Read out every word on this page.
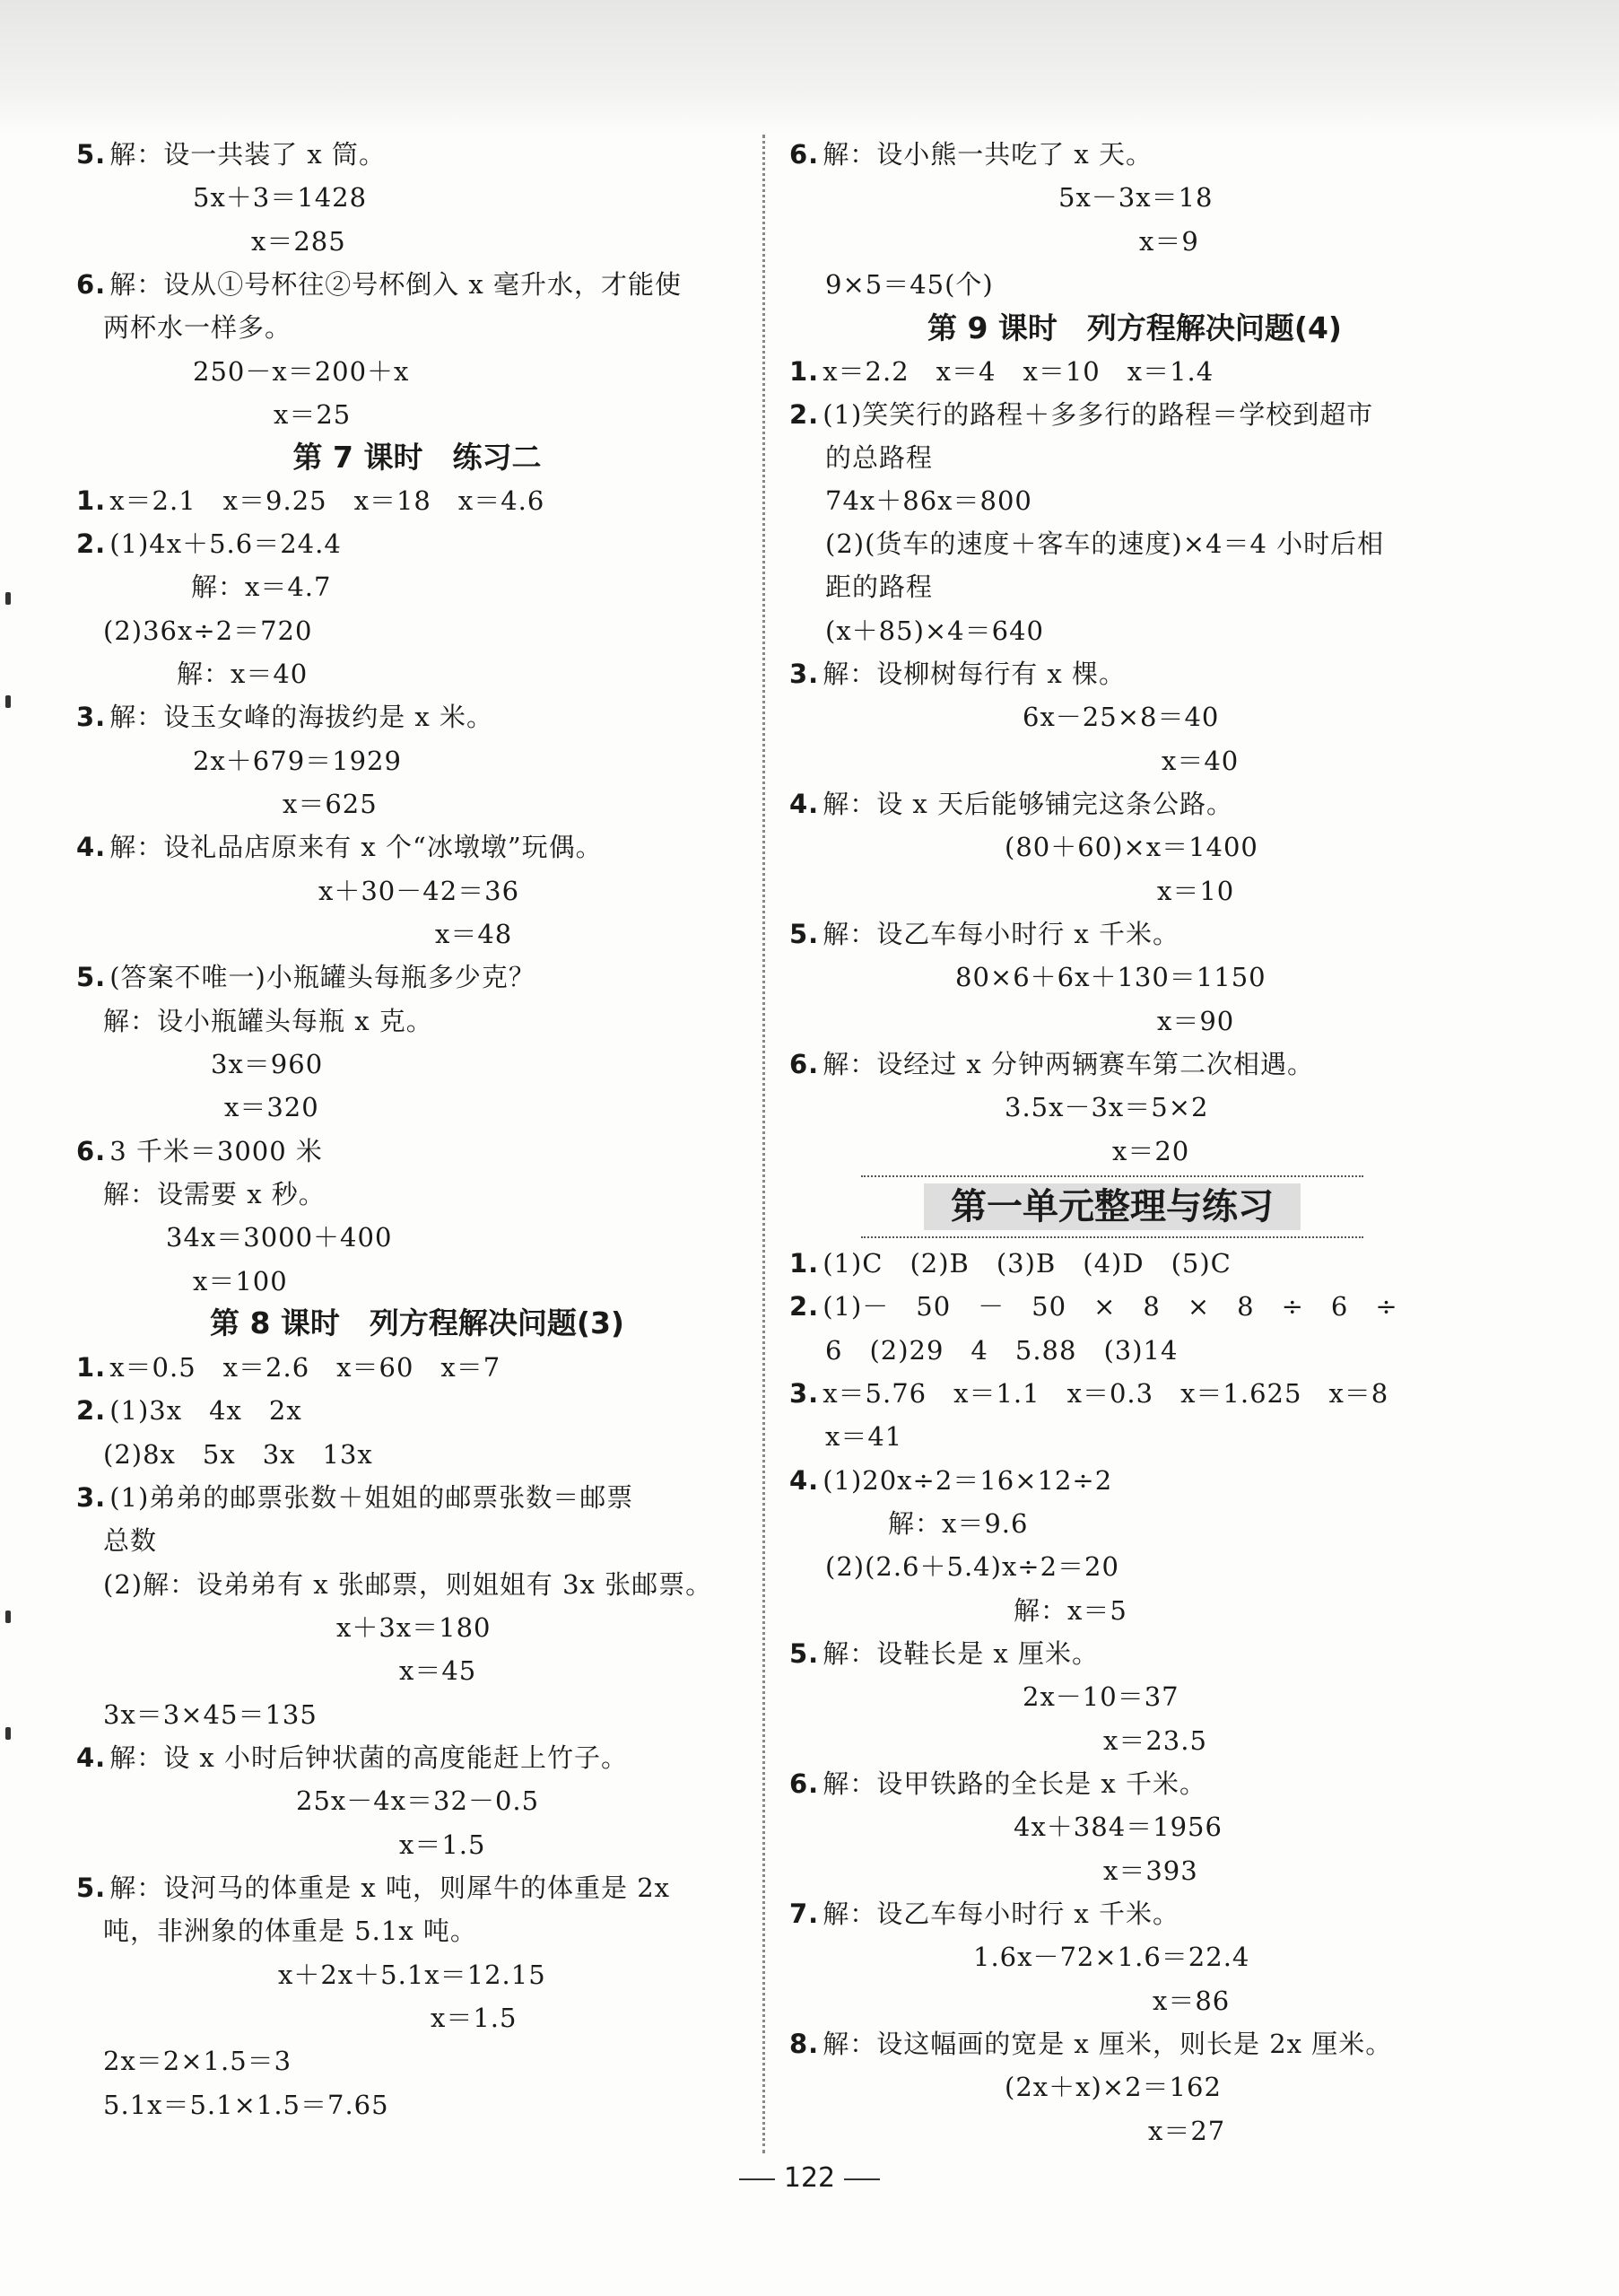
5. 解：设一共装了 x 筒。
5x＋3＝1428
x＝285
6. 解：设从①号杯往②号杯倒入 x 毫升水，才能使
两杯水一样多。
250－x＝200＋x
x＝25
第 7 课时　练习二
1. x＝2.1　x＝9.25　x＝18　x＝4.6
2. (1)4x＋5.6＝24.4
解：x＝4.7
(2)36x÷2＝720
解：x＝40
3. 解：设玉女峰的海拔约是 x 米。
2x＋679＝1929
x＝625
4. 解：设礼品店原来有 x 个“冰墩墩”玩偶。
x＋30－42＝36
x＝48
5. (答案不唯一)小瓶罐头每瓶多少克？
解：设小瓶罐头每瓶 x 克。
3x＝960
x＝320
6. 3 千米＝3000 米
解：设需要 x 秒。
34x＝3000＋400
x＝100
第 8 课时　列方程解决问题(3)
1. x＝0.5　x＝2.6　x＝60　x＝7
2. (1)3x　4x　2x
(2)8x　5x　3x　13x
3. (1)弟弟的邮票张数＋姐姐的邮票张数＝邮票
总数
(2)解：设弟弟有 x 张邮票，则姐姐有 3x 张邮票。
x＋3x＝180
x＝45
3x＝3×45＝135
4. 解：设 x 小时后钟状菌的高度能赶上竹子。
25x－4x＝32－0.5
x＝1.5
5. 解：设河马的体重是 x 吨，则犀牛的体重是 2x
吨，非洲象的体重是 5.1x 吨。
x＋2x＋5.1x＝12.15
x＝1.5
2x＝2×1.5＝3
5.1x＝5.1×1.5＝7.65
6. 解：设小熊一共吃了 x 天。
5x－3x＝18
x＝9
9×5＝45(个)
第 9 课时　列方程解决问题(4)
1. x＝2.2　x＝4　x＝10　x＝1.4
2. (1)笑笑行的路程＋多多行的路程＝学校到超市
的总路程
74x＋86x＝800
(2)(货车的速度＋客车的速度)×4＝4 小时后相
距的路程
(x＋85)×4＝640
3. 解：设柳树每行有 x 棵。
6x－25×8＝40
x＝40
4. 解：设 x 天后能够铺完这条公路。
(80＋60)×x＝1400
x＝10
5. 解：设乙车每小时行 x 千米。
80×6＋6x＋130＝1150
x＝90
6. 解：设经过 x 分钟两辆赛车第二次相遇。
3.5x－3x＝5×2
x＝20
第一单元整理与练习
1. (1)C　(2)B　(3)B　(4)D　(5)C
2. (1)－　50　－　50　×　8　×　8　÷　6　÷
6　(2)29　4　5.88　(3)14
3. x＝5.76　x＝1.1　x＝0.3　x＝1.625　x＝8
x＝41
4. (1)20x÷2＝16×12÷2
解：x＝9.6
(2)(2.6＋5.4)x÷2＝20
解：x＝5
5. 解：设鞋长是 x 厘米。
2x－10＝37
x＝23.5
6. 解：设甲铁路的全长是 x 千米。
4x＋384＝1956
x＝393
7. 解：设乙车每小时行 x 千米。
1.6x－72×1.6＝22.4
x＝86
8. 解：设这幅画的宽是 x 厘米，则长是 2x 厘米。
(2x＋x)×2＝162
x＝27
122
